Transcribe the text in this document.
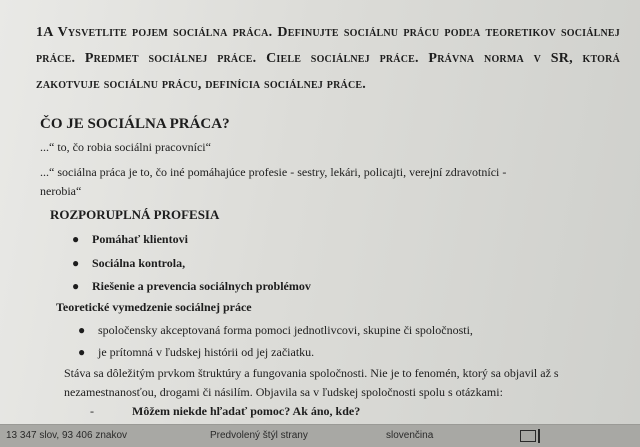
1A Vysvetlite pojem sociálna práca. Definujte sociálnu prácu podľa teoretikov sociálnej práce. Predmet sociálnej práce. Ciele sociálnej práce. Právna norma v SR, ktorá zakotvuje sociálnu prácu, definícia sociálnej práce.
ČO JE SOCIÁLNA PRÁCA?
...“ to, čo robia sociálni pracovníci“
...“ sociálna práca je to, čo iné pomáhajúce profesie - sestry, lekári, policajti, verejní zdravotníci -
nerobia“
ROZPORUPLNÁ PROFESIA
● Pomáhať klientovi
● Sociálna kontrola,
● Riešenie a prevencia sociálnych problémov
Teoretické vymedzenie sociálnej práce
● spoločensky akceptovaná forma pomoci jednotlivcovi, skupine či spoločnosti,
● je prítomná v ľudskej histórii od jej začiatku.
Stáva sa dôležitým prvkom štruktúry a fungovania spoločnosti. Nie je to fenomén, ktorý sa objavil až s
nezamestnanosťou, drogami či násilím. Objavila sa v ľudskej spoločnosti spolu s otázkami:
-	Môžem niekde hľadať pomoc? Ak áno, kde?
13 347 slov, 93 406 znakov	Predvolený štýl strany	slovenčina
